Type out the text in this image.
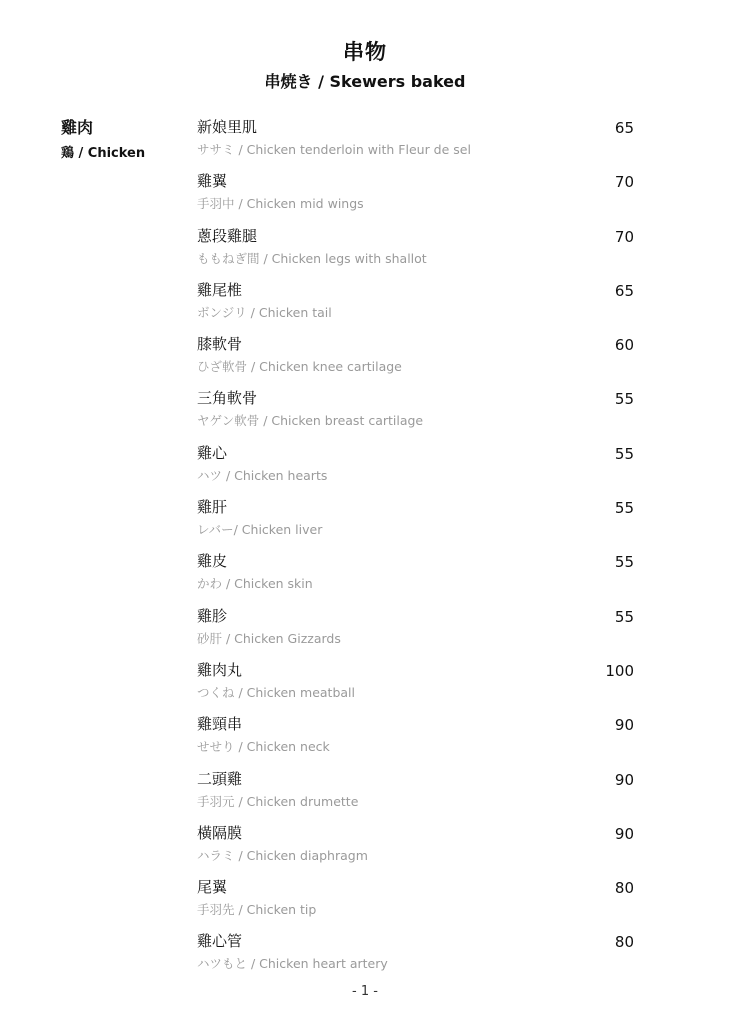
串物
串焼き / Skewers baked
雞肉
鶏 / Chicken
新娘里肌
ササミ / Chicken tenderloin with Fleur de sel
65
雞翼
手羽中 / Chicken mid wings
70
蔥段雞腿
ももねぎ間 / Chicken legs with shallot
70
雞尾椎
ボンジリ / Chicken tail
65
膝軟骨
ひざ軟骨 / Chicken knee cartilage
60
三角軟骨
ヤゲン軟骨 / Chicken breast cartilage
55
雞心
ハツ / Chicken hearts
55
雞肝
レバー/ Chicken liver
55
雞皮
かわ / Chicken skin
55
雞胗
砂肝 / Chicken Gizzards
55
雞肉丸
つくね / Chicken meatball
100
雞頸串
せせり / Chicken neck
90
二頭雞
手羽元 / Chicken drumette
90
橫隔膜
ハラミ / Chicken diaphragm
90
尾翼
手羽先 / Chicken tip
80
雞心管
ハツもと / Chicken heart artery
80
- 1 -
